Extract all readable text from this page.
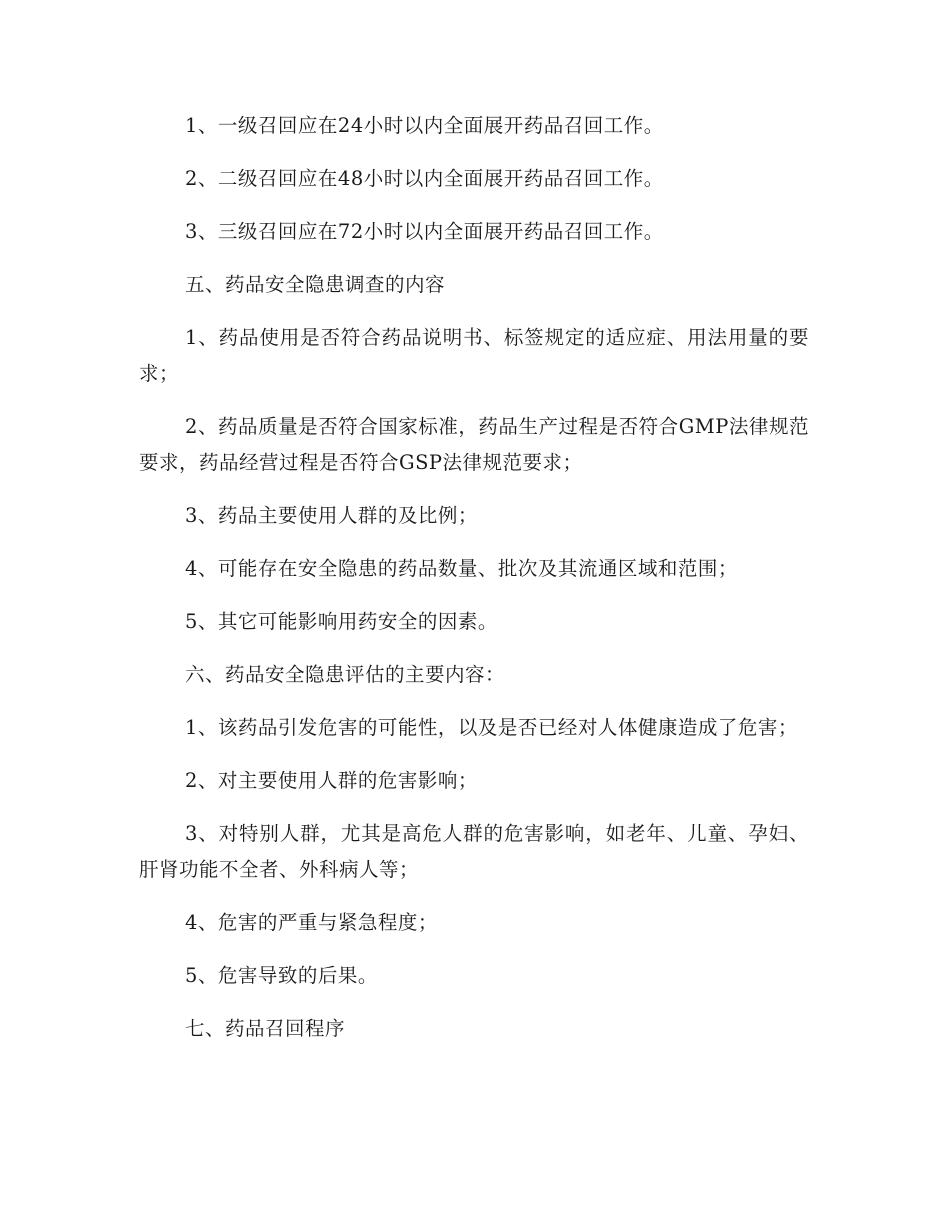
1、一级召回应在24小时以内全面展开药品召回工作。

2、二级召回应在48小时以内全面展开药品召回工作。

3、三级召回应在72小时以内全面展开药品召回工作。

五、药品安全隐患调查的内容

1、药品使用是否符合药品说明书、标签规定的适应症、用法用量的要求；

2、药品质量是否符合国家标准，药品生产过程是否符合GMP法律规范要求，药品经营过程是否符合GSP法律规范要求；

3、药品主要使用人群的及比例；

4、可能存在安全隐患的药品数量、批次及其流通区域和范围；

5、其它可能影响用药安全的因素。

六、药品安全隐患评估的主要内容：

1、该药品引发危害的可能性，以及是否已经对人体健康造成了危害；

2、对主要使用人群的危害影响；

3、对特别人群，尤其是高危人群的危害影响，如老年、儿童、孕妇、肝肾功能不全者、外科病人等；

4、危害的严重与紧急程度；

5、危害导致的后果。

七、药品召回程序
